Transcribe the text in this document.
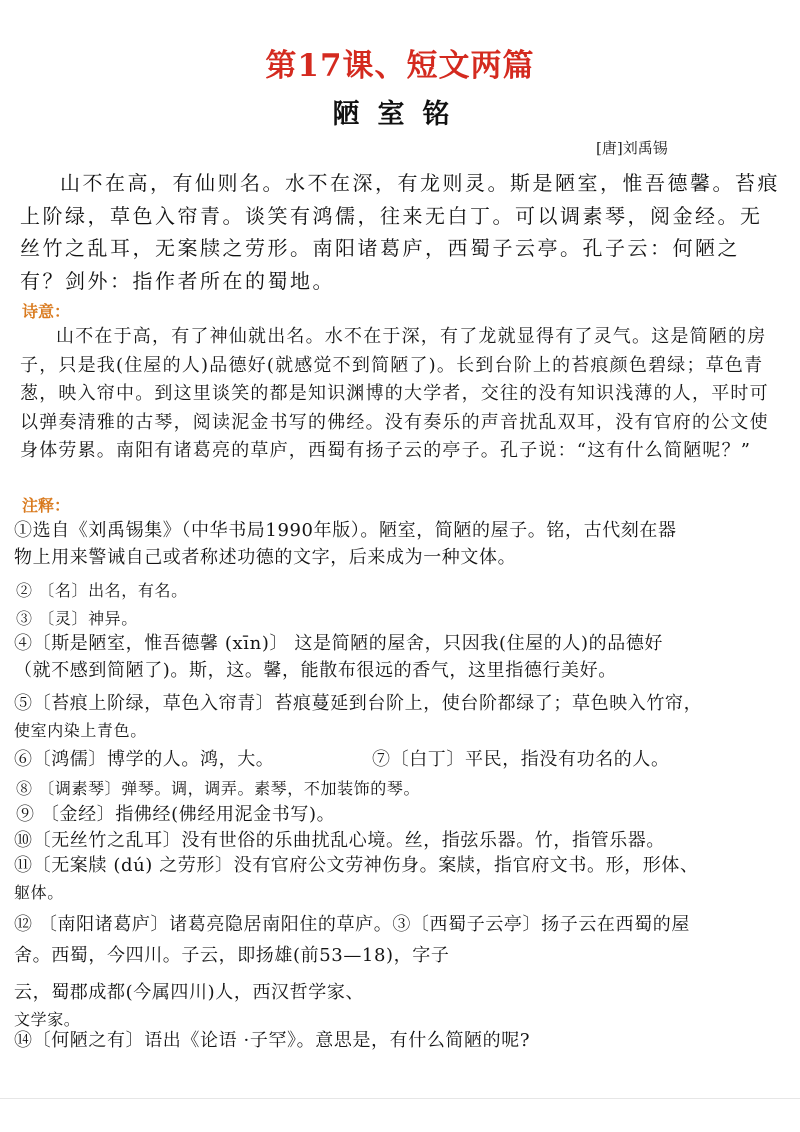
第17课、短文两篇
陋室铭
[唐]刘禹锡

山不在高，有仙则名。水不在深，有龙则灵。斯是陋室，惟吾德馨。苔痕上阶绿，草色入帘青。谈笑有鸿儒，往来无白丁。可以调素琴，阅金经。无丝竹之乱耳，无案牍之劳形。南阳诸葛庐，西蜀子云亭。孔子云：何陋之有？剑外：指作者所在的蜀地。

诗意：

山不在于高，有了神仙就出名。水不在于深，有了龙就显得有了灵气。这是简陋的房子，只是我(住屋的人)品德好(就感觉不到简陋了)。长到台阶上的苔痕颜色碧绿；草色青葱，映入帘中。到这里谈笑的都是知识渊博的大学者，交往的没有知识浅薄的人，平时可以弹奏清雅的古琴，阅读泥金书写的佛经。没有奏乐的声音扰乱双耳，没有官府的公文使身体劳累。南阳有诸葛亮的草庐，西蜀有扬子云的亭子。孔子说：“这有什么简陋呢？”

注释：
①选自《刘禹锡集》（中华书局1990年版）。陋室，简陋的屋子。铭，古代刻在器
物上用来警诫自己或者称述功德的文字，后来成为一种文体。
② 〔名〕出名，有名。
③ 〔灵〕神异。
④〔斯是陋室，惟吾德馨 (xīn)〕 这是简陋的屋舍，只因我(住屋的人)的品德好
（就不感到简陋了)。斯，这。馨，能散布很远的香气，这里指德行美好。
⑤〔苔痕上阶绿，草色入帘青〕苔痕蔓延到台阶上，使台阶都绿了；草色映入竹帘，
使室内染上青色。
⑥〔鸿儒〕博学的人。鸿，大。	⑦〔白丁〕平民，指没有功名的人。
⑧ 〔调素琴〕弹琴。调，调弄。素琴，不加装饰的琴。
⑨ 〔金经〕指佛经(佛经用泥金书写)。
⑩〔无丝竹之乱耳〕没有世俗的乐曲扰乱心境。丝，指弦乐器。竹，指管乐器。
⑪〔无案牍 (dú) 之劳形〕没有官府公文劳神伤身。案牍，指官府文书。形，形体、
躯体。
⑫ 〔南阳诸葛庐〕诸葛亮隐居南阳住的草庐。③〔西蜀子云亭〕扬子云在西蜀的屋
舍。西蜀，今四川。子云，即扬雄(前53—18)，字子
云，蜀郡成都(今属四川)人，西汉哲学家、
文学家。
⑭〔何陋之有〕语出《论语 ·子罕》。意思是，有什么简陋的呢?
